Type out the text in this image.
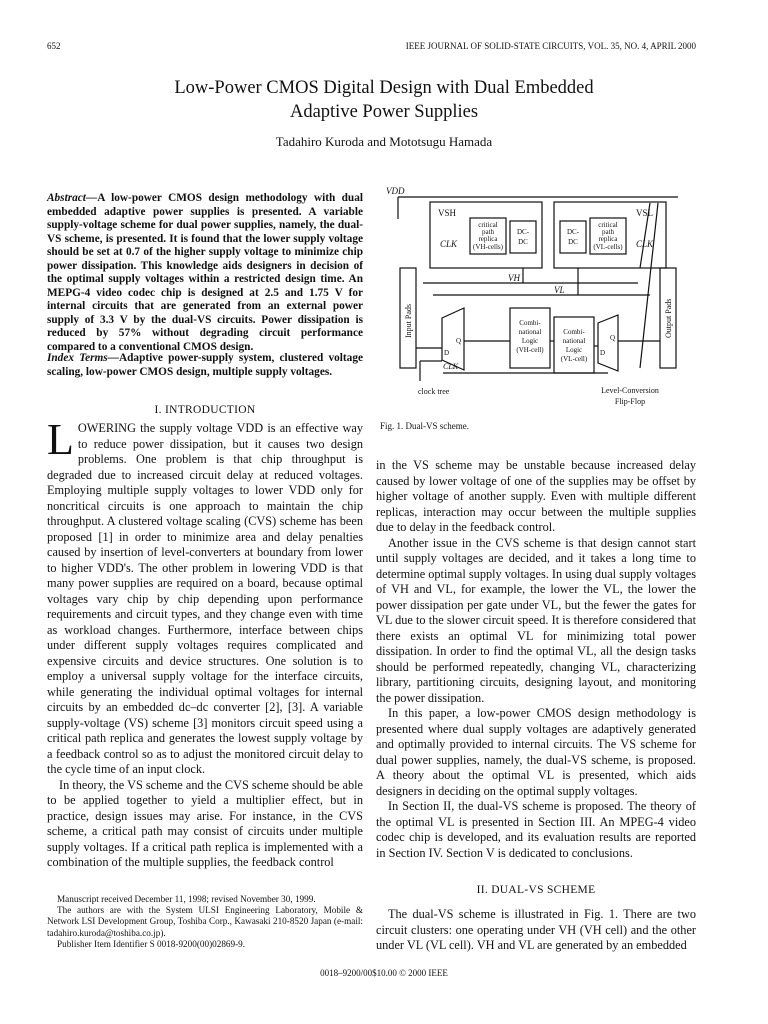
652	IEEE JOURNAL OF SOLID-STATE CIRCUITS, VOL. 35, NO. 4, APRIL 2000
Low-Power CMOS Digital Design with Dual Embedded
Adaptive Power Supplies
Tadahiro Kuroda and Mototsugu Hamada
Abstract—A low-power CMOS design methodology with dual embedded adaptive power supplies is presented. A variable supply-voltage scheme for dual power supplies, namely, the dual-VS scheme, is presented. It is found that the lower supply voltage should be set at 0.7 of the higher supply voltage to minimize chip power dissipation. This knowledge aids designers in decision of the optimal supply voltages within a restricted design time. An MEPG-4 video codec chip is designed at 2.5 and 1.75 V for internal circuits that are generated from an external power supply of 3.3 V by the dual-VS circuits. Power dissipation is reduced by 57% without degrading circuit performance compared to a conventional CMOS design.
Index Terms—Adaptive power-supply system, clustered voltage scaling, low-power CMOS design, multiple supply voltages.
I. INTRODUCTION

LOWERING the supply voltage VDD is an effective way to reduce power dissipation, but it causes two design problems. One problem is that chip throughput is degraded due to increased circuit delay at reduced voltages. Employing multiple supply voltages to lower VDD only for noncritical circuits is one approach to maintain the chip throughput. A clustered voltage scaling (CVS) scheme has been proposed [1] in order to minimize area and delay penalties caused by insertion of level-converters at boundary from lower to higher VDD's. The other problem in lowering VDD is that many power supplies are required on a board, because optimal voltages vary chip by chip depending upon performance requirements and circuit types, and they change even with time as workload changes. Furthermore, interface between chips under different supply voltages requires complicated and expensive circuits and device structures. One solution is to employ a universal supply voltage for the interface circuits, while generating the individual optimal voltages for internal circuits by an embedded dc–dc converter [2], [3]. A variable supply-voltage (VS) scheme [3] monitors circuit speed using a critical path replica and generates the lowest supply voltage by a feedback control so as to adjust the monitored circuit delay to the cycle time of an input clock.

In theory, the VS scheme and the CVS scheme should be able to be applied together to yield a multiplier effect, but in practice, design issues may arise. For instance, in the CVS scheme, a critical path may consist of circuits under multiple supply voltages. If a critical path replica is implemented with a combination of the multiple supplies, the feedback control

Manuscript received December 11, 1998; revised November 30, 1999.

The authors are with the System ULSI Engineering Laboratory, Mobile & Network LSI Development Group, Toshiba Corp., Kawasaki 210-8520 Japan (e-mail: tadahiro.kuroda@toshiba.co.jp).

Publisher Item Identifier S 0018-9200(00)02869-9.

VDD
VSH	VSL
critical
path
replica
(VH-cells)
DC-
DC
DC-
DC
critical
path
replica
(VL-cells)
Combi-
national
Logic
(VH-cell)
Combi-
national
Logic
(VL-cell)
CLK	CLK
VH
VL
Input Pads	Output Pads
Q
D
Q
D
CLK
clock tree	Level-Conversion
Flip-Flop
Fig. 1. Dual-VS scheme.

in the VS scheme may be unstable because increased delay caused by lower voltage of one of the supplies may be offset by higher voltage of another supply. Even with multiple different replicas, interaction may occur between the multiple supplies due to delay in the feedback control.

Another issue in the CVS scheme is that design cannot start until supply voltages are decided, and it takes a long time to determine optimal supply voltages. In using dual supply voltages of VH and VL, for example, the lower the VL, the lower the power dissipation per gate under VL, but the fewer the gates for VL due to the slower circuit speed. It is therefore considered that there exists an optimal VL for minimizing total power dissipation. In order to find the optimal VL, all the design tasks should be performed repeatedly, changing VL, characterizing library, partitioning circuits, designing layout, and monitoring the power dissipation.

In this paper, a low-power CMOS design methodology is presented where dual supply voltages are adaptively generated and optimally provided to internal circuits. The VS scheme for dual power supplies, namely, the dual-VS scheme, is proposed. A theory about the optimal VL is presented, which aids designers in deciding on the optimal supply voltages.

In Section II, the dual-VS scheme is proposed. The theory of the optimal VL is presented in Section III. An MPEG-4 video codec chip is developed, and its evaluation results are reported in Section IV. Section V is dedicated to conclusions.

II. DUAL-VS SCHEME

The dual-VS scheme is illustrated in Fig. 1. There are two circuit clusters: one operating under VH (VH cell) and the other under VL (VL cell). VH and VL are generated by an embedded

0018–9200/00$10.00 © 2000 IEEE
